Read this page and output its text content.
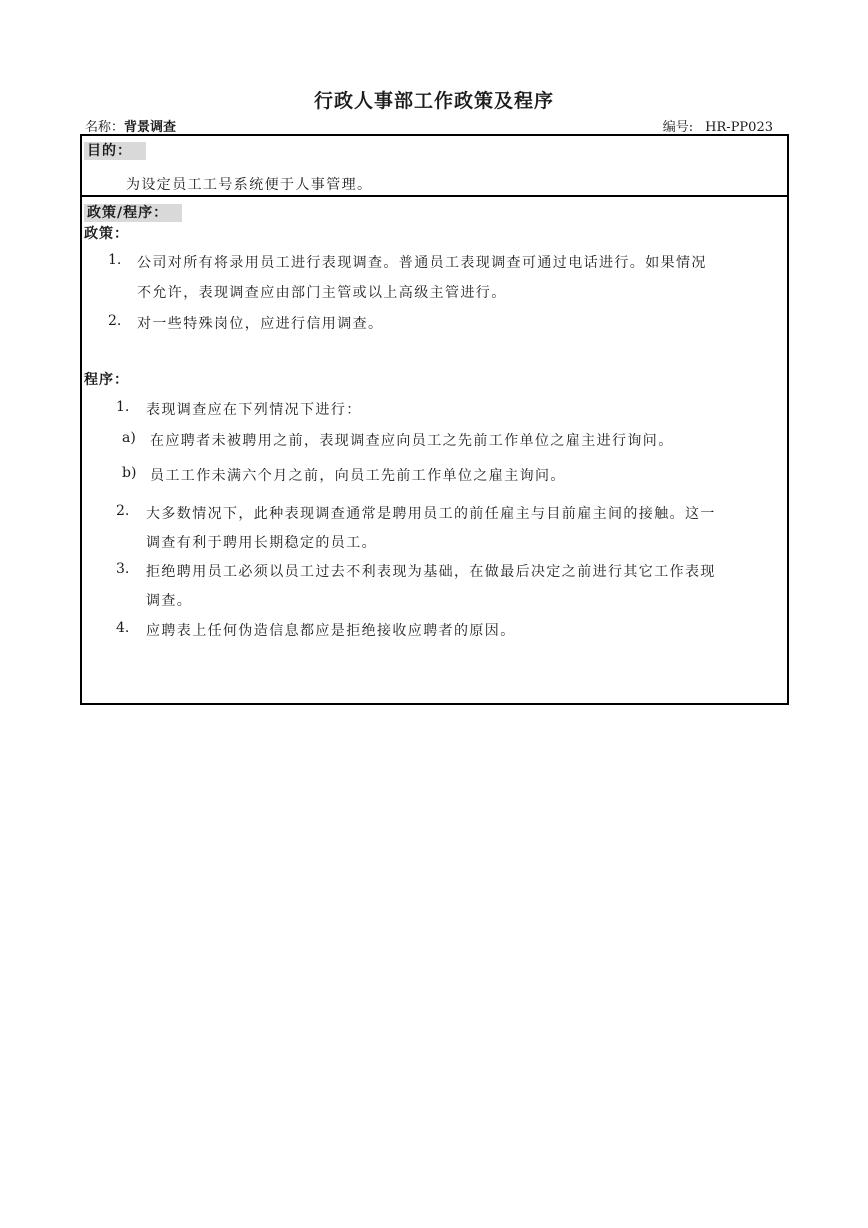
行政人事部工作政策及程序
名称：背景调查	编号: HR-PP023
目的：
为设定员工工号系统便于人事管理。
政策/程序：
政策：
1. 公司对所有将录用员工进行表现调查。普通员工表现调查可通过电话进行。如果情况
不允许，表现调查应由部门主管或以上高级主管进行。
2. 对一些特殊岗位，应进行信用调查。
程序：
1. 表现调查应在下列情况下进行：
a) 在应聘者未被聘用之前，表现调查应向员工之先前工作单位之雇主进行询问。
b) 员工工作未满六个月之前，向员工先前工作单位之雇主询问。
2. 大多数情况下，此种表现调查通常是聘用员工的前任雇主与目前雇主间的接触。这一
调查有利于聘用长期稳定的员工。
3. 拒绝聘用员工必须以员工过去不利表现为基础，在做最后决定之前进行其它工作表现
调查。
4. 应聘表上任何伪造信息都应是拒绝接收应聘者的原因。
